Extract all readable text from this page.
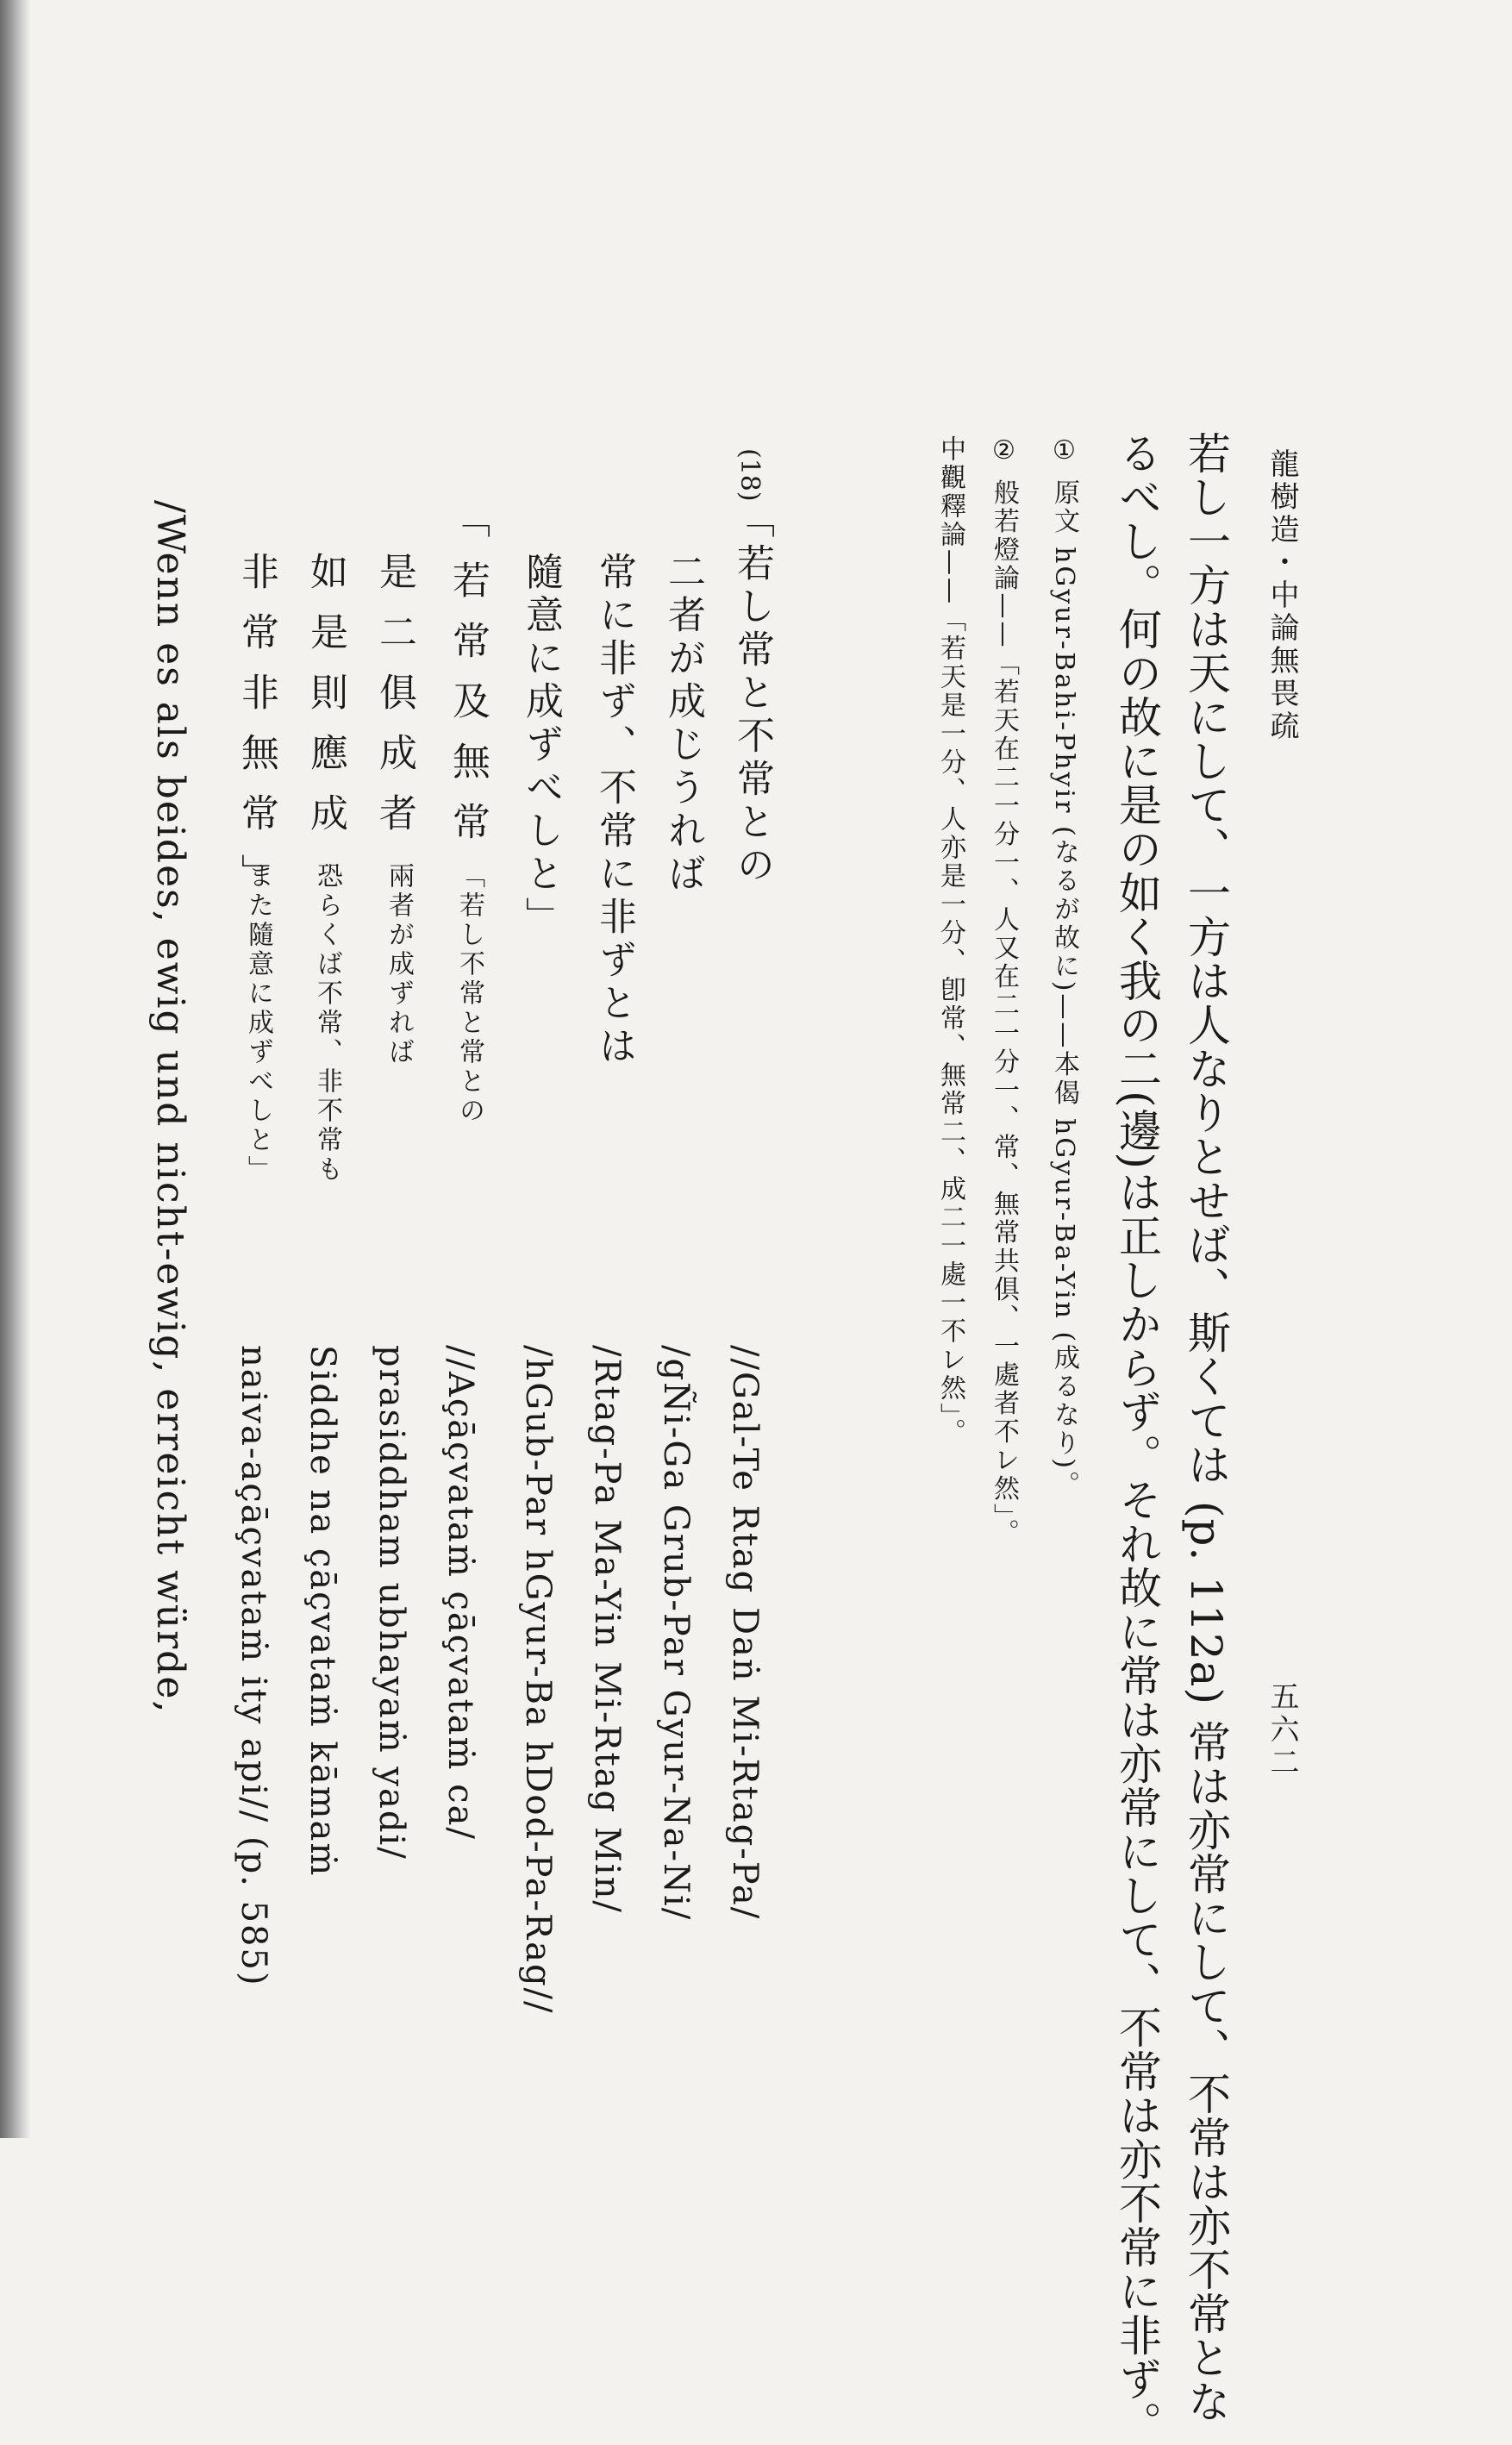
龍樹造・中論無畏疏
五六二
若し一方は天にして、一方は人なりとせば、斯くては (p. 112a) 常は亦常にして、不常は亦不常とな
るべし。何の故に是の如く我の二(邊)は正しからず。それ故に常は亦常にして、不常は亦不常に非ず。
① 原文 hGyur-Bahi-Phyir (なるが故に)——本偈 hGyur-Ba-Yin (成るなり)。
② 般若燈論——「若天在二一分一、人又在二一分一、常、無常共俱、一處者不レ然」。
中觀釋論——「若天是一分、人亦是一分、卽常、無常二、成二一處一不レ然」。
(18)
「若し常と不常との
二者が成じうれば
常に非ず、不常に非ずとは
隨意に成ずべしと」
「若常及無常
是二俱成者
如是則應成
非常非無常」
「若し不常と常との
兩者が成ずれば
恐らくば不常、非不常も
また隨意に成ずべしと」
//Gal-Te Rtag Daṅ Mi-Rtag-Pa/
/gÑi-Ga Grub-Par Gyur-Na-Ni/
/Rtag-Pa Ma-Yin Mi-Rtag Min/
/hGub-Par hGyur-Ba hDod-Pa-Rag//
//Açāçvataṁ çāçvataṁ ca/
prasiddham ubhayaṁ yadi/
Siddhe na çāçvataṁ kāmaṁ
naiva-açāçvataṁ ity api// (p. 585)
/Wenn es als beides, ewig und nicht-ewig, erreicht würde,
